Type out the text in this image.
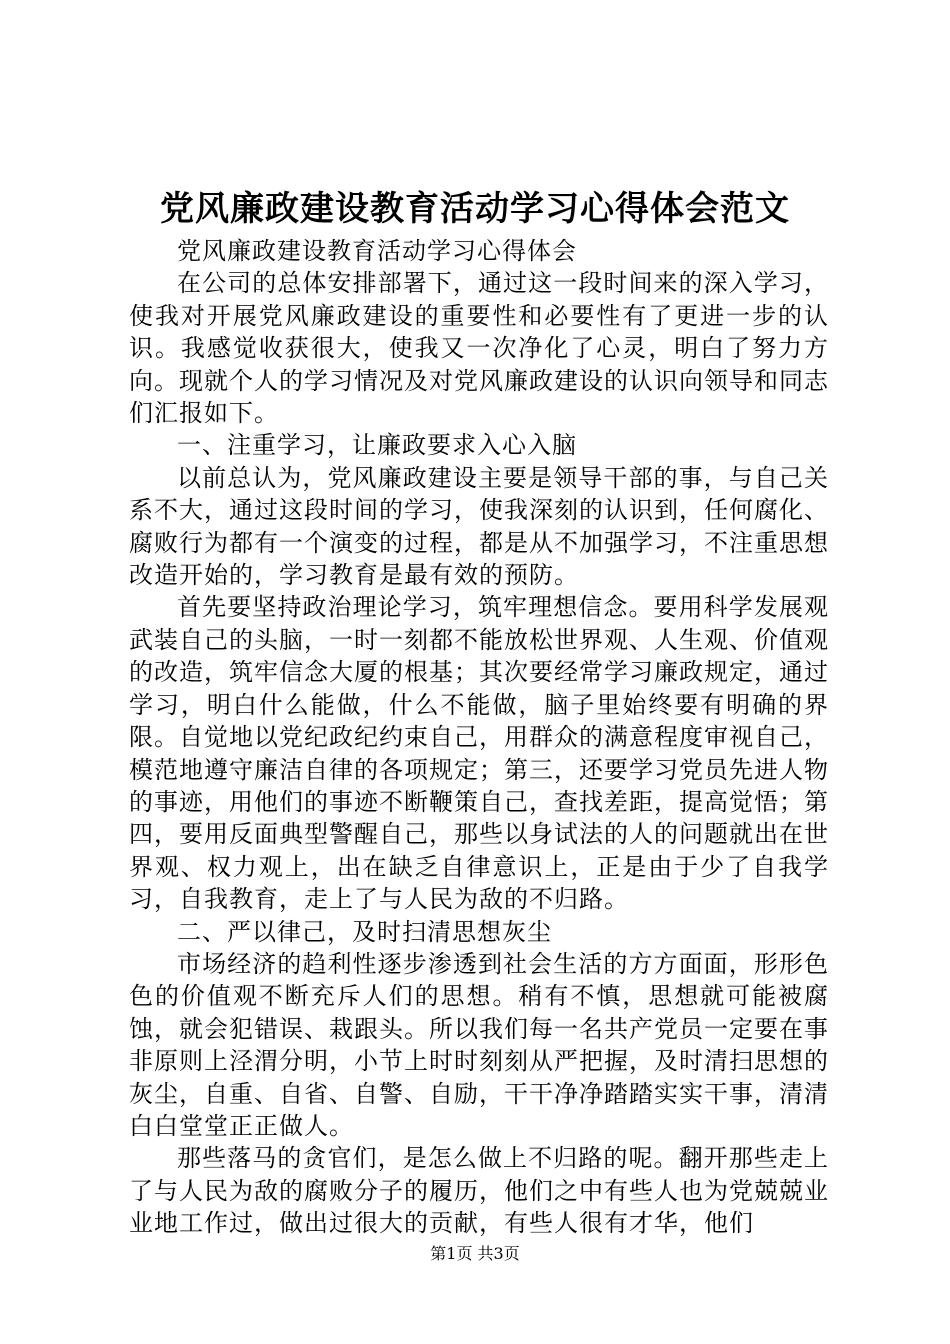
党风廉政建设教育活动学习心得体会范文

党风廉政建设教育活动学习心得体会

在公司的总体安排部署下，通过这一段时间来的深入学习，使我对开展党风廉政建设的重要性和必要性有了更进一步的认识。我感觉收获很大，使我又一次净化了心灵，明白了努力方向。现就个人的学习情况及对党风廉政建设的认识向领导和同志们汇报如下。

一、注重学习，让廉政要求入心入脑

以前总认为，党风廉政建设主要是领导干部的事，与自己关系不大，通过这段时间的学习，使我深刻的认识到，任何腐化、腐败行为都有一个演变的过程，都是从不加强学习，不注重思想改造开始的，学习教育是最有效的预防。

首先要坚持政治理论学习，筑牢理想信念。要用科学发展观武装自己的头脑，一时一刻都不能放松世界观、人生观、价值观的改造，筑牢信念大厦的根基；其次要经常学习廉政规定，通过学习，明白什么能做，什么不能做，脑子里始终要有明确的界限。自觉地以党纪政纪约束自己，用群众的满意程度审视自己，模范地遵守廉洁自律的各项规定；第三，还要学习党员先进人物的事迹，用他们的事迹不断鞭策自己，查找差距，提高觉悟；第四，要用反面典型警醒自己，那些以身试法的人的问题就出在世界观、权力观上，出在缺乏自律意识上，正是由于少了自我学习，自我教育，走上了与人民为敌的不归路。

二、严以律己，及时扫清思想灰尘

市场经济的趋利性逐步渗透到社会生活的方方面面，形形色色的价值观不断充斥人们的思想。稍有不慎，思想就可能被腐蚀，就会犯错误、栽跟头。所以我们每一名共产党员一定要在事非原则上泾渭分明，小节上时时刻刻从严把握，及时清扫思想的灰尘，自重、自省、自警、自励，干干净净踏踏实实干事，清清白白堂堂正正做人。

那些落马的贪官们，是怎么做上不归路的呢。翻开那些走上了与人民为敌的腐败分子的履历，他们之中有些人也为党兢兢业业地工作过，做出过很大的贡献，有些人很有才华，他们

第1页 共3页
